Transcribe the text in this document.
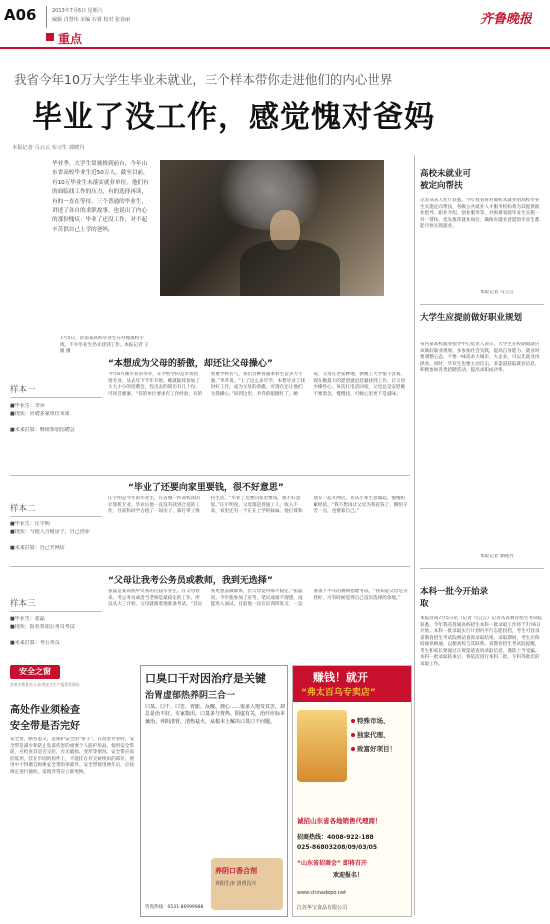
A06	2013年7月6日 星期六
编辑 肖慧玮 美编 石睿 校对 张春丽
重点
齐鲁晚报
我省今年10万大学生毕业未就业，三个样本带你走进他们的内心世界
毕业了没工作，感觉愧对爸妈
本报记者 马云云 实习生 郭晓丹
毕业季，大学生常被推到前台，今年山东省高校毕业生近50万人，截至目前，有10万毕业生未落实就业单位。他们有的面临找工作的压力，有的选择再读，有的一直在等待。三个普通的毕业生，讲述了各自的求职故事，也说出了内心的那份愧疚：毕业了还没工作，对不起辛苦供自己上学的爸妈。
7月5日，济南某高校毕业生在办理离校手续，不少毕业生仍未找到工作。本报记者 王媛 摄
样本一
■毕业生：李乔
■现状：应聘多家单位未果
■未来打算：继续参加招聘会
“本想成为父母的骄傲，却还让父母操心”
今年6月刚毕业的李乔，在学校学的是市场营销专业。从去年下半年开始，她就陆续参加了大大小小的招聘会，投出去的简历有几十份，可回音寥寥。“有的单位要求有工作经验，有的看重学校名气，我们这种普通本科生竞争力不强。”李乔说。“上了这么多年学，本想毕业了找份好工作，成为父母的骄傲，可现在还让他们为我操心。”说到这里，李乔的眼圈红了。她说，父母在老家种地，供她上大学很不容易，现在她最大的愿望就是赶紧找到工作，让父母少操些心。每次打电话回家，父母总是安慰她不要着急，慢慢找，可她心里更不是滋味。
样本二
■毕业生：庄宇明
■现状：与他人合租房子，自己创业
■未来打算：自己开网店
“毕业了还要向家里要钱，很不好意思”
庄宇明是今年的毕业生，在省城一所高校读的计算机专业。毕业后他一直没有找到合适的工作，目前和同学合租了一间房子，靠打零工维持生活。“毕业了还要向家里要钱，很不好意思。”庄宇明说，父母都是普通工人，收入不高，家里还有一个正在上学的妹妹。他打算和朋友一起开网店，先从小本生意做起，慢慢积累经验。“我不想再让父母为我花钱了，哪怕辛苦一点，也要靠自己。”
样本三
■毕业生：张磊
■现状：报名参加公务员考试
■未来打算：考公务员
“父母让我考公务员或教师，我到无选择”
张磊是某高校中文系的应届毕业生。在父母看来，考公务员或者当老师是最稳定的工作，所以从大三开始，父母就催着他准备考试。“其实我更想去做媒体，但父母觉得那不稳定。”张磊说。今年他参加了省考，笔试成绩不理想，没能进入面试。目前他一边在培训班复习，一边准备下半年的教师招聘考试。“我知道父母是为我好，可有时候觉得自己没有选择的余地。”
高校未就业可被定向帮扶
记者从省人社厅获悉，今年我省将对离校未就业的高校毕业生实施定向帮扶，各级公共就业人才服务机构将为其提供职业指导、职业介绍、创业服务等。对困难家庭毕业生实施一对一帮扶，优先推荐就业岗位，确保有就业意愿的毕业生都能尽快实现就业。
本报记者 马云云
大学生应提前做好职业规划
省内某高校就业指导中心负责人表示，大学生在校期间就应该做好职业规划，多参加社会实践，提高自身能力。就业时要调整心态，不要一味追求大城市、大企业，可以先就业再择业。同时，毕业生也要主动出击，多渠道获取就业信息，积极参加各类招聘活动，提高求职成功率。
本报记者 郭晓丹
本科一批今开始录取
本报济南7月5日讯（记者 马云云）记者从省教育招生考试院获悉，今年我省普通高校招生本科一批录取工作将于7月6日开始。本科一批录取实行计划内平行志愿投档，考生可登录省教育招生考试院网站查询录取结果。录取期间，考生应保持通讯畅通，以便高校与其联系。省教育招生考试院提醒，考生和家长要通过正规渠道查询录取信息，谨防上当受骗。本科一批录取结束后，将依次进行本科二批、专科等批次的录取工作。
安全之窗
济南市教育局 山东省安全生产监督管理局
高处作业须检查
安全带是否完好
安全带，顾名思义，是保护安全的“带子”。在高处作业时，安全带是减少和防止坠落伤害的重要个人防护用品。使用安全带前，应检查其是否完好，有无破损、变形等情况。安全带应高挂低用，挂在牢固的构件上，不能挂在有尖锐棱角的部位。使用中不得擅自拆换安全带的零部件。安全带使用两年后，应按规定进行抽检，发现异常应立即更换。
口臭口干对因治疗是关键
治胃虚郁热养阴三合一
口臭、口干、口苦、胃胀、反酸、烧心……很多人饱受其苦，却总是治不好。专家指出，口臭多与胃热、阴虚有关，治疗应标本兼治。养阴清胃，清热祛火，从根本上解决口臭口干问题。
养阴口香合剂
养阴生津 清胃泻火
咨询热线：0531-86999988
赚钱！就开
“弗太百乌专卖店”
特殊市场、
独家代理、
致富好项目！
诚招山东省各地销售代理商！
招商热线：4008-922-188
025-86803208/09/03/05
“山东省招商会” 即将召开
欢迎报名！
www.chinadepo.net
江苏华宝食品有限公司
